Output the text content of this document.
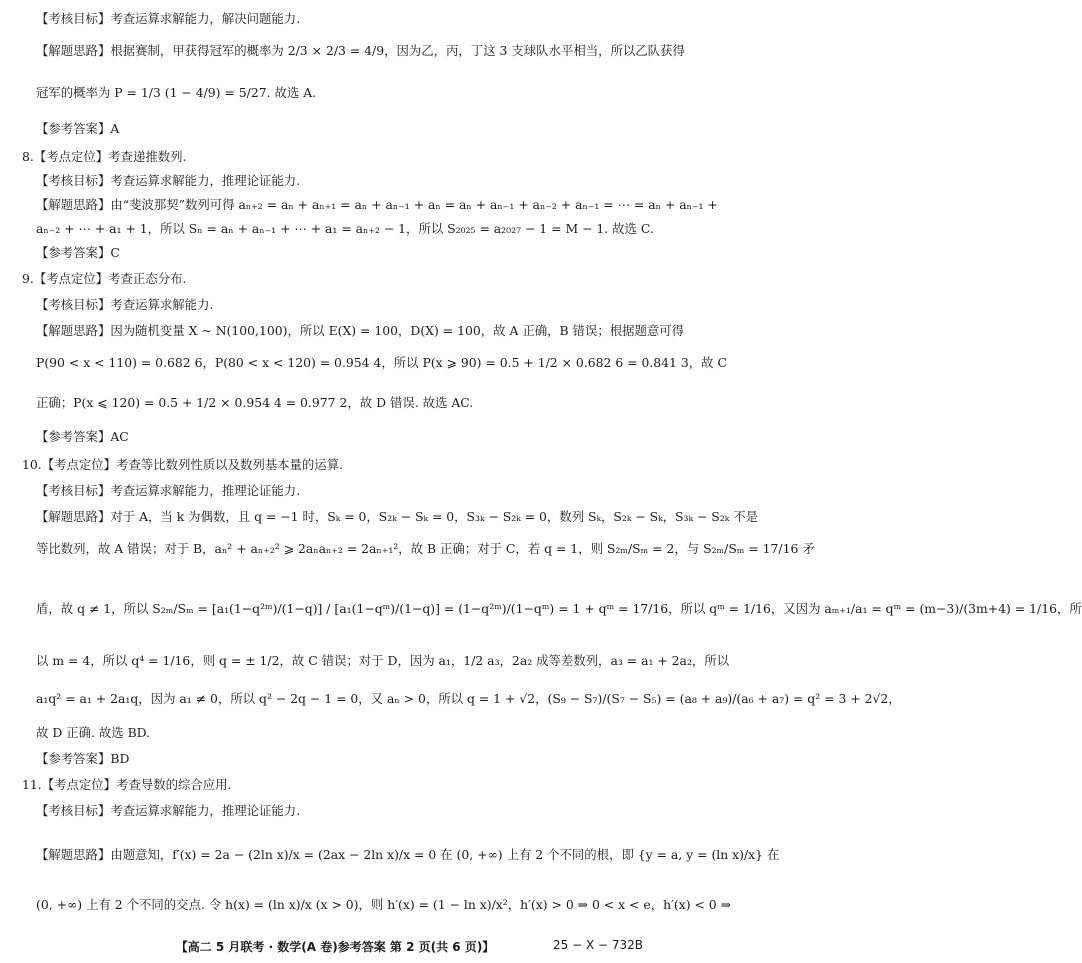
【考核目标】考查运算求解能力，解决问题能力.
【解题思路】根据赛制，甲获得冠军的概率为 2/3 × 2/3 = 4/9，因为乙，丙，丁这 3 支球队水平相当，所以乙队获得
冠军的概率为 P = 1/3 (1 − 4/9) = 5/27. 故选 A.
【参考答案】A
8.【考点定位】考查递推数列.
【考核目标】考查运算求解能力，推理论证能力.
【解题思路】由“斐波那契”数列可得 aₙ₊₂ = aₙ + aₙ₊₁ = aₙ + aₙ₋₁ + aₙ = aₙ + aₙ₋₁ + aₙ₋₂ + aₙ₋₁ = ⋯ = aₙ + aₙ₋₁ +
aₙ₋₂ + ⋯ + a₁ + 1，所以 Sₙ = aₙ + aₙ₋₁ + ⋯ + a₁ = aₙ₊₂ − 1，所以 S₂₀₂₅ = a₂₀₂₇ − 1 = M − 1. 故选 C.
【参考答案】C
9.【考点定位】考查正态分布.
【考核目标】考查运算求解能力.
【解题思路】因为随机变量 X ~ N(100,100)，所以 E(X) = 100，D(X) = 100，故 A 正确，B 错误；根据题意可得
P(90 < x < 110) = 0.682 6，P(80 < x < 120) = 0.954 4，所以 P(x ⩾ 90) = 0.5 + 1/2 × 0.682 6 = 0.841 3，故 C
正确；P(x ⩽ 120) = 0.5 + 1/2 × 0.954 4 = 0.977 2，故 D 错误. 故选 AC.
【参考答案】AC
10.【考点定位】考查等比数列性质以及数列基本量的运算.
【考核目标】考查运算求解能力，推理论证能力.
【解题思路】对于 A，当 k 为偶数，且 q = −1 时，Sₖ = 0，S₂ₖ − Sₖ = 0，S₃ₖ − S₂ₖ = 0，数列 Sₖ，S₂ₖ − Sₖ，S₃ₖ − S₂ₖ 不是
等比数列，故 A 错误；对于 B，aₙ² + aₙ₊₂² ⩾ 2aₙaₙ₊₂ = 2aₙ₊₁²，故 B 正确；对于 C，若 q = 1，则 S₂ₘ/Sₘ = 2，与 S₂ₘ/Sₘ = 17/16 矛
盾，故 q ≠ 1，所以 S₂ₘ/Sₘ = [a₁(1−q²ᵐ)/(1−q)] / [a₁(1−qᵐ)/(1−q)] = (1−q²ᵐ)/(1−qᵐ) = 1 + qᵐ = 17/16，所以 qᵐ = 1/16，又因为 aₘ₊₁/a₁ = qᵐ = (m−3)/(3m+4) = 1/16，所
以 m = 4，所以 q⁴ = 1/16，则 q = ± 1/2，故 C 错误；对于 D，因为 a₁，1/2 a₃，2a₂ 成等差数列，a₃ = a₁ + 2a₂，所以
a₁q² = a₁ + 2a₁q，因为 a₁ ≠ 0，所以 q² − 2q − 1 = 0，又 aₙ > 0，所以 q = 1 + √2，(S₉ − S₇)/(S₇ − S₅) = (a₈ + a₉)/(a₆ + a₇) = q² = 3 + 2√2，
故 D 正确. 故选 BD.
【参考答案】BD
11.【考点定位】考查导数的综合应用.
【考核目标】考查运算求解能力，推理论证能力.
【解题思路】由题意知，f′(x) = 2a − (2ln x)/x = (2ax − 2ln x)/x = 0 在 (0, +∞) 上有 2 个不同的根，即 {y = a, y = (ln x)/x} 在
(0, +∞) 上有 2 个不同的交点. 令 h(x) = (ln x)/x (x > 0)，则 h′(x) = (1 − ln x)/x²，h′(x) > 0 ⇒ 0 < x < e，h′(x) < 0 ⇒
【高二 5 月联考 · 数学(A 卷)参考答案 第 2 页(共 6 页)】	25 − X − 732B
